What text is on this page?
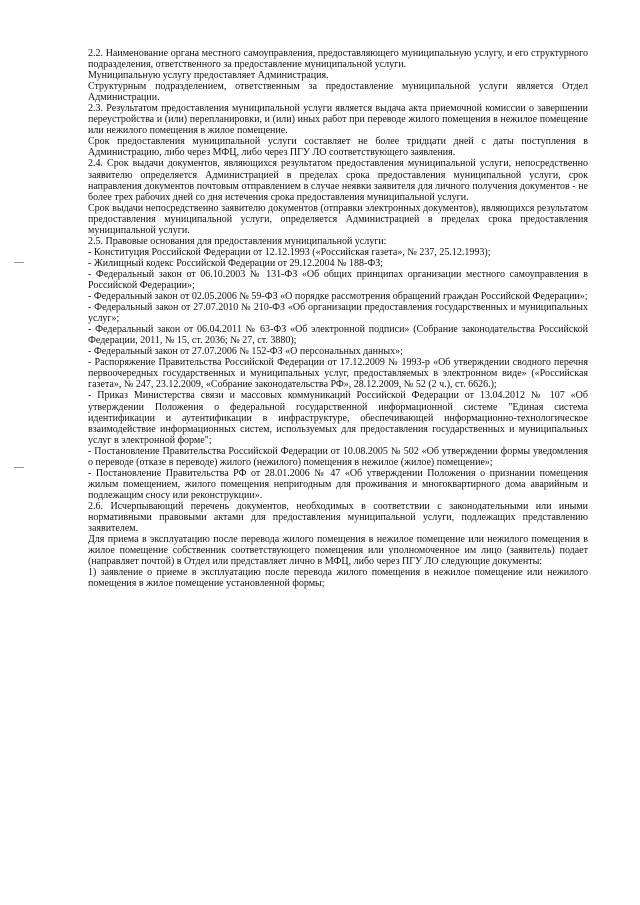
2.2. Наименование органа местного самоуправления, предоставляющего муниципальную услугу, и его структурного подразделения, ответственного за предоставление муниципальной услуги.

Муниципальную услугу предоставляет Администрация.

Структурным подразделением, ответственным за предоставление муниципальной услуги является Отдел Администрации.

2.3. Результатом предоставления муниципальной услуги является выдача акта приемочной комиссии о завершении переустройства и (или) перепланировки, и (или) иных работ при переводе жилого помещения в нежилое помещение или нежилого помещения в жилое помещение.

Срок предоставления муниципальной услуги составляет не более тридцати дней с даты поступления в Администрацию, либо через МФЦ, либо через ПГУ ЛО соответствующего заявления.

2.4. Срок выдачи документов, являющихся результатом предоставления муниципальной услуги, непосредственно заявителю определяется Администрацией в пределах срока предоставления муниципальной услуги, срок направления документов почтовым отправлением в случае неявки заявителя для личного получения документов - не более трех рабочих дней со дня истечения срока предоставления муниципальной услуги.

Срок выдачи непосредственно заявителю документов (отправки электронных документов), являющихся результатом предоставления муниципальной услуги, определяется Администрацией в пределах срока предоставления муниципальной услуги.

2.5. Правовые основания для предоставления муниципальной услуги:

- Конституция Российской Федерации от 12.12.1993 («Российская газета», № 237, 25.12.1993);

- Жилищный кодекс Российской Федерации от 29.12.2004 № 188-ФЗ;

- Федеральный закон от 06.10.2003 № 131-ФЗ «Об общих принципах организации местного самоуправления в Российской Федерации»;

- Федеральный закон от 02.05.2006 № 59-ФЗ «О порядке рассмотрения обращений граждан Российской Федерации»;

- Федеральный закон от 27.07.2010 № 210-ФЗ «Об организации предоставления государственных и муниципальных услуг»;

- Федеральный закон от 06.04.2011 № 63-ФЗ «Об электронной подписи» (Собрание законодательства Российской Федерации, 2011, № 15, ст. 2036; № 27, ст. 3880);

- Федеральный закон от 27.07.2006 № 152-ФЗ «О персональных данных»;

- Распоряжение Правительства Российской Федерации от 17.12.2009 № 1993-р «Об утверждении сводного перечня первоочередных государственных и муниципальных услуг, предоставляемых в электронном виде» («Российская газета», № 247, 23.12.2009, «Собрание законодательства РФ», 28.12.2009, № 52 (2 ч.), ст. 6626.);

- Приказ Министерства связи и массовых коммуникаций Российской Федерации от 13.04.2012 № 107 «Об утверждении Положения о федеральной государственной информационной системе "Единая система идентификации и аутентификации в инфраструктуре, обеспечивающей информационно-технологическое взаимодействие информационных систем, используемых для предоставления государственных и муниципальных услуг в электронной форме";

- Постановление Правительства Российской Федерации от 10.08.2005 № 502 «Об утверждении формы уведомления о переводе (отказе в переводе) жилого (нежилого) помещения в нежилое (жилое) помещение»;

- Постановление Правительства РФ от 28.01.2006 № 47 «Об утверждении Положения о признании помещения жилым помещением, жилого помещения непригодным для проживания и многоквартирного дома аварийным и подлежащим сносу или реконструкции».

2.6. Исчерпывающий перечень документов, необходимых в соответствии с законодательными или иными нормативными правовыми актами для предоставления муниципальной услуги, подлежащих представлению заявителем.

Для приема в эксплуатацию после перевода жилого помещения в нежилое помещение или нежилого помещения в жилое помещение собственник соответствующего помещения или уполномоченное им лицо (заявитель) подает (направляет почтой) в Отдел или представляет лично в МФЦ, либо через ПГУ ЛО следующие документы:

1) заявление о приеме в эксплуатацию после перевода жилого помещения в нежилое помещение или нежилого помещения в жилое помещение установленной формы;
